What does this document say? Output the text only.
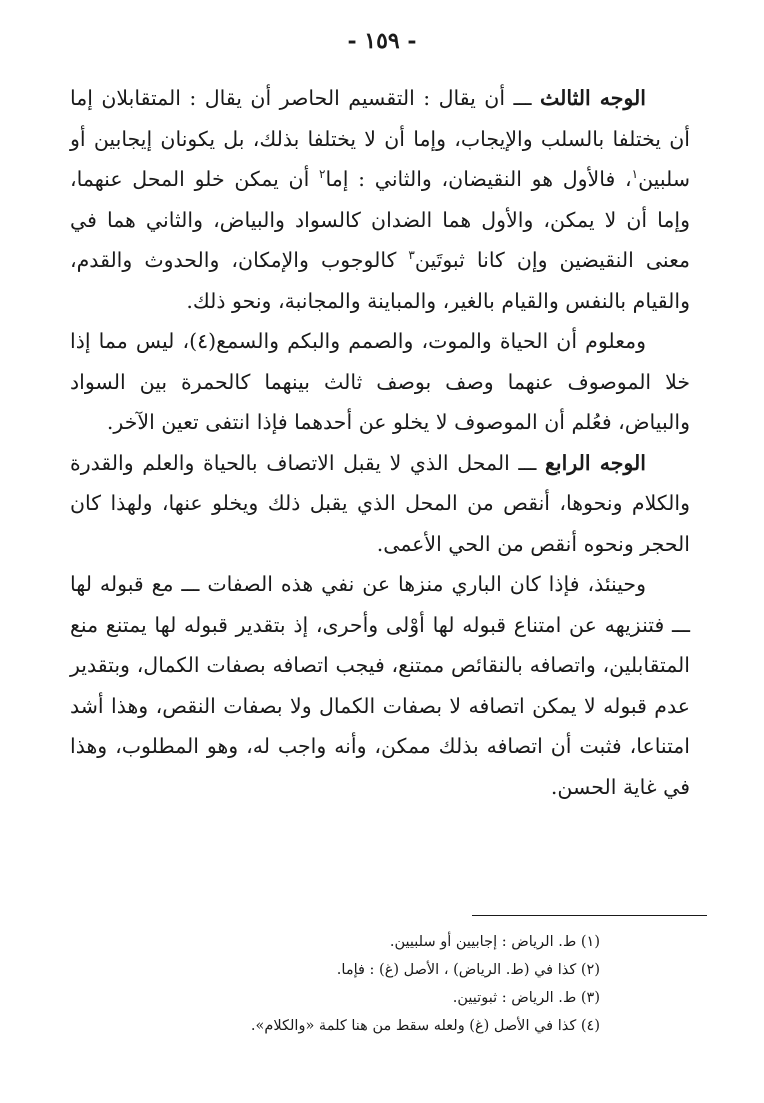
- ١٥٩ -

الوجه الثالث ـــ أن يقال : التقسيم الحاصر أن يقال : المتقابلان إما أن يختلفا بالسلب والإيجاب، وإما أن لا يختلفا بذلك، بل يكونان إيجابين أو سلبين$^١$، فالأول هو النقيضان، والثاني : إما$^٢$ أن يمكن خلو المحل عنهما، وإما أن لا يمكن، والأول هما الضدان كالسواد والبياض، والثاني هما في معنى النقيضين وإن كانا ثبوتَين$^٣$ كالوجوب والإمكان، والحدوث والقدم، والقيام بالنفس والقيام بالغير، والمباينة والمجانبة، ونحو ذلك.

ومعلوم أن الحياة والموت، والصمم والبكم والسمع(٤)، ليس مما إذا خلا الموصوف عنهما وصف بوصف ثالث بينهما كالحمرة بين السواد والبياض، فعُلم أن الموصوف لا يخلو عن أحدهما فإذا انتفى تعين الآخر.

الوجه الرابع ـــ المحل الذي لا يقبل الاتصاف بالحياة والعلم والقدرة والكلام ونحوها، أنقص من المحل الذي يقبل ذلك ويخلو عنها، ولهذا كان الحجر ونحوه أنقص من الحي الأعمى.

وحينئذ، فإذا كان الباري منزها عن نفي هذه الصفات ـــ مع قبوله لها ـــ فتنزيهه عن امتناع قبوله لها أوْلى وأحرى، إذ بتقدير قبوله لها يمتنع منع المتقابلين، واتصافه بالنقائص ممتنع، فيجب اتصافه بصفات الكمال، وبتقدير عدم قبوله لا يمكن اتصافه لا بصفات الكمال ولا بصفات النقص، وهذا أشد امتناعا، فثبت أن اتصافه بذلك ممكن، وأنه واجب له، وهو المطلوب، وهذا في غاية الحسن.

(١) ط. الرياض : إجابيين أو سلبيين.
(٢) كذا في (ط. الرياض) ، الأصل (غ) : فإما.
(٣) ط. الرياض : ثبوتيين.
(٤) كذا في الأصل (غ) ولعله سقط من هنا كلمة «والكلام».
